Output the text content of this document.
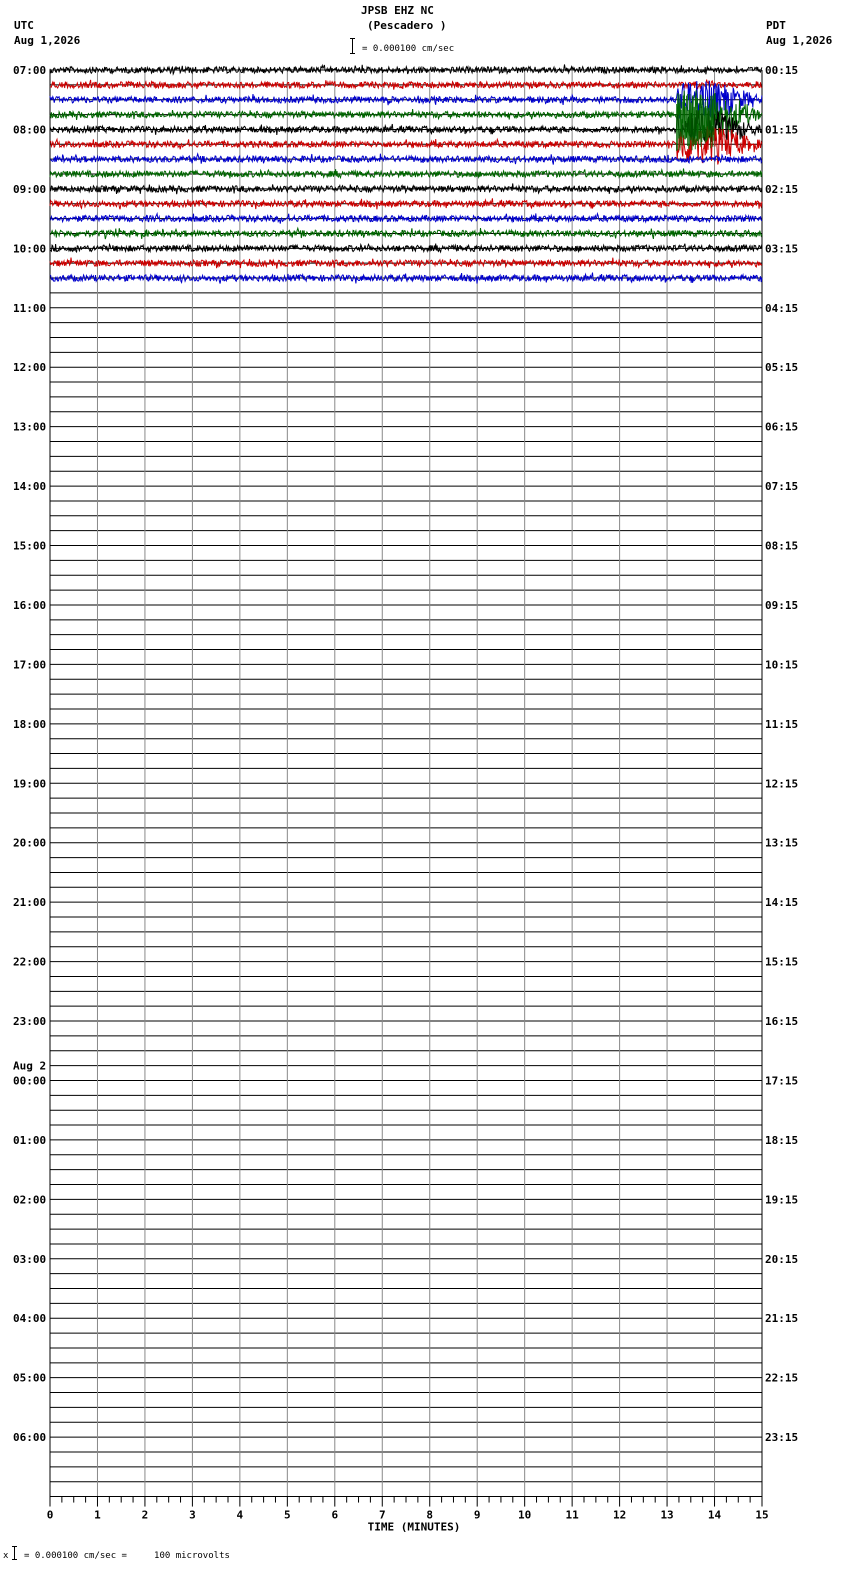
JPSB EHZ NC
(Pescadero )
= 0.000100 cm/sec
UTC
Aug 1,2026
PDT
Aug 1,2026
0	1	2	3	4	5	6	7	8	9	10	11	12	13	14	15
TIME (MINUTES)
07:00
08:00
09:00
10:00
11:00
12:00
13:00
14:00
15:00
16:00
17:00
18:00
19:00
20:00
21:00
22:00
23:00
00:00
Aug 2
01:00
02:00
03:00
04:00
05:00
06:00
00:15
01:15
02:15
03:15
04:15
05:15
06:15
07:15
08:15
09:15
10:15
11:15
12:15
13:15
14:15
15:15
16:15
17:15
18:15
19:15
20:15
21:15
22:15
23:15
x = 0.000100 cm/sec =     100 microvolts
